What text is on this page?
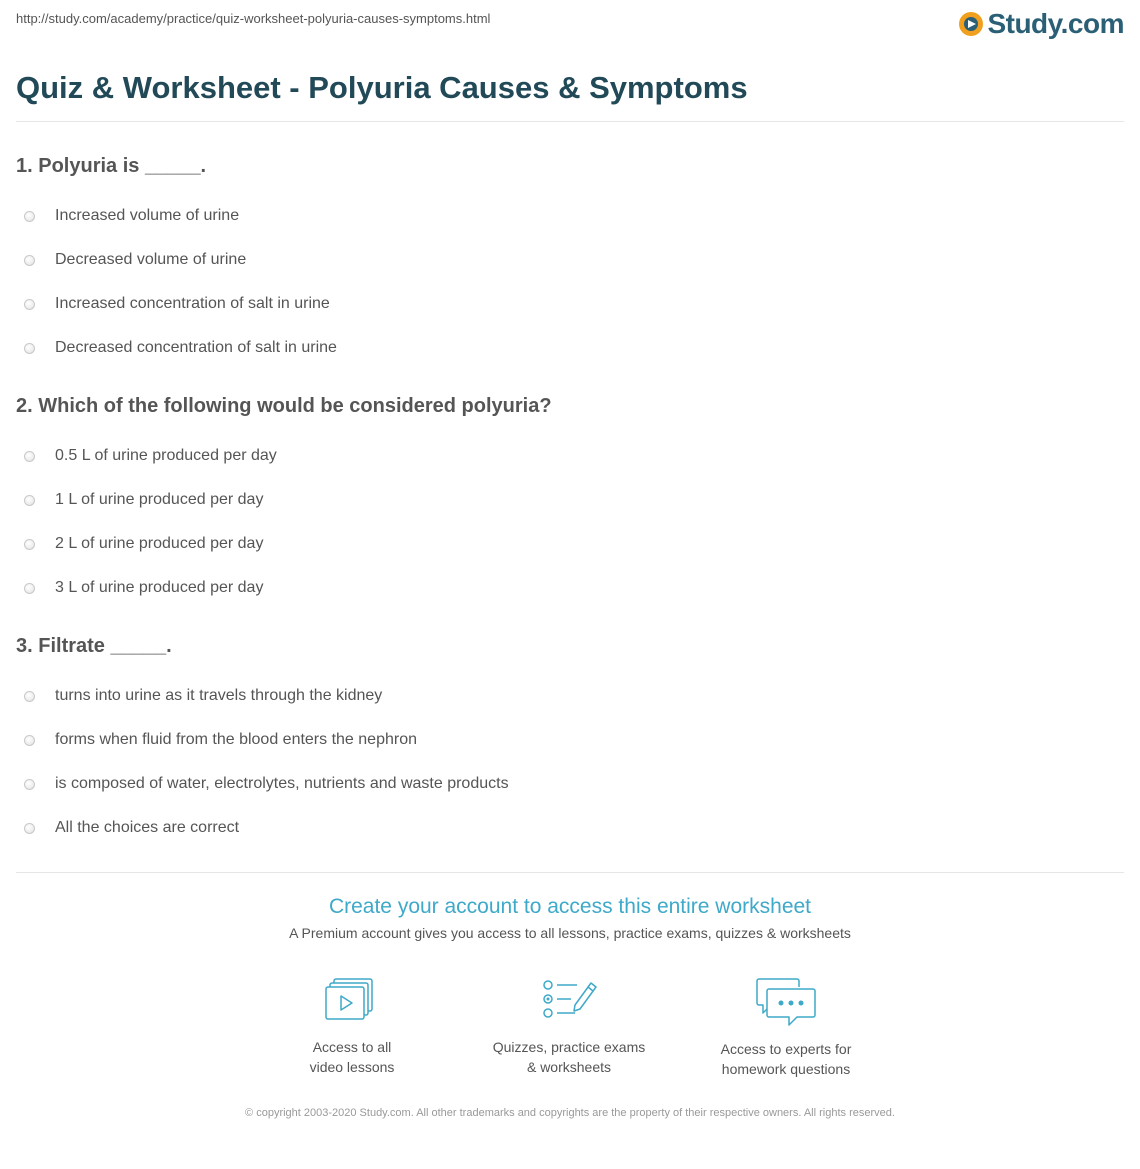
http://study.com/academy/practice/quiz-worksheet-polyuria-causes-symptoms.html	Study.com
Quiz & Worksheet - Polyuria Causes & Symptoms
1. Polyuria is _____.
Increased volume of urine
Decreased volume of urine
Increased concentration of salt in urine
Decreased concentration of salt in urine
2. Which of the following would be considered polyuria?
0.5 L of urine produced per day
1 L of urine produced per day
2 L of urine produced per day
3 L of urine produced per day
3. Filtrate _____.
turns into urine as it travels through the kidney
forms when fluid from the blood enters the nephron
is composed of water, electrolytes, nutrients and waste products
All the choices are correct
Create your account to access this entire worksheet
A Premium account gives you access to all lessons, practice exams, quizzes & worksheets
Access to all
video lessons
Quizzes, practice exams
& worksheets
Access to experts for
homework questions
© copyright 2003-2020 Study.com. All other trademarks and copyrights are the property of their respective owners. All rights reserved.
